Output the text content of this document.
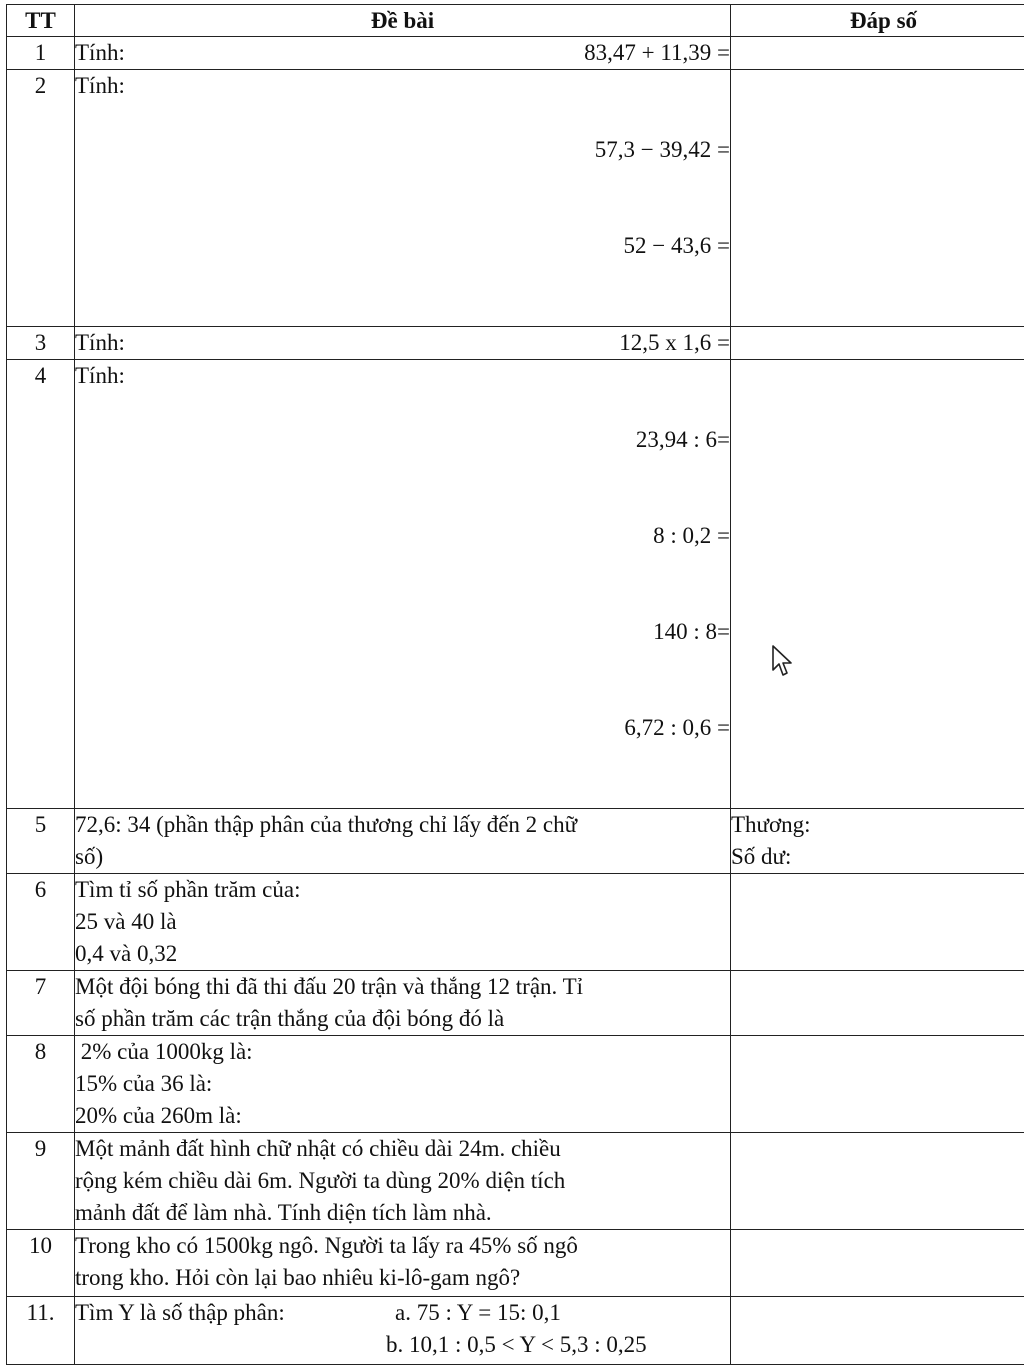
TT	Đề bài	Đáp số
1	Tính: 83,47 + 11,39 =	

2	Tính:

57,3 − 39,42 =

52 − 43,6 =	

3	Tính: 12,5 x 1,6 =	

4	Tính:

23,94 : 6=

8 : 0,2 =

140 : 8=

6,72 : 0,6 =	

5	72,6: 34 (phần thập phân của thương chỉ lấy đến 2 chữ
số)	Thương:
Số dư:

6	Tìm tỉ số phần trăm của:
25 và 40 là
0,4 và 0,32	

7	Một đội bóng thi đã thi đấu 20 trận và thắng 12 trận. Tỉ
số phần trăm các trận thắng của đội bóng đó là	

8	2% của 1000kg là:
15% của 36 là:
20% của 260m là:	

9	Một mảnh đất hình chữ nhật có chiều dài 24m. chiều
rộng kém chiều dài 6m. Người ta dùng 20% diện tích
mảnh đất để làm nhà. Tính diện tích làm nhà.	

10	Trong kho có 1500kg ngô. Người ta lấy ra 45% số ngô
trong kho. Hỏi còn lại bao nhiêu ki-lô-gam ngô?	

11.	Tìm Y là số thập phân: a. 75 : Y = 15: 0,1
b. 10,1 : 0,5 < Y < 5,3 : 0,25	
